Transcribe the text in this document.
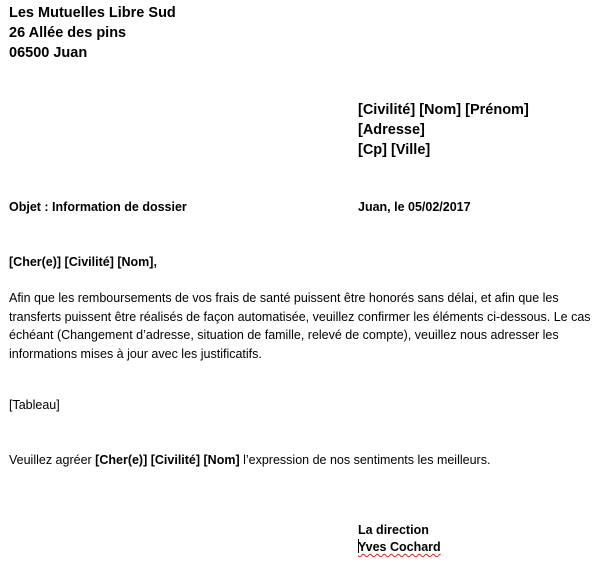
Les Mutuelles Libre Sud
26 Allée des pins
06500 Juan
[Civilité] [Nom] [Prénom]
[Adresse]
[Cp] [Ville]
Objet : Information de dossier	Juan, le 05/02/2017
[Cher(e)] [Civilité] [Nom],
Afin que les remboursements de vos frais de santé puissent être honorés sans délai, et afin que les transferts puissent être réalisés de façon automatisée, veuillez confirmer les éléments ci-dessous. Le cas échéant (Changement d’adresse, situation de famille, relevé de compte), veuillez nous adresser les informations mises à jour avec les justificatifs.
[Tableau]
Veuillez agréer [Cher(e)] [Civilité] [Nom] l’expression de nos sentiments les meilleurs.
La direction
Yves Cochard
